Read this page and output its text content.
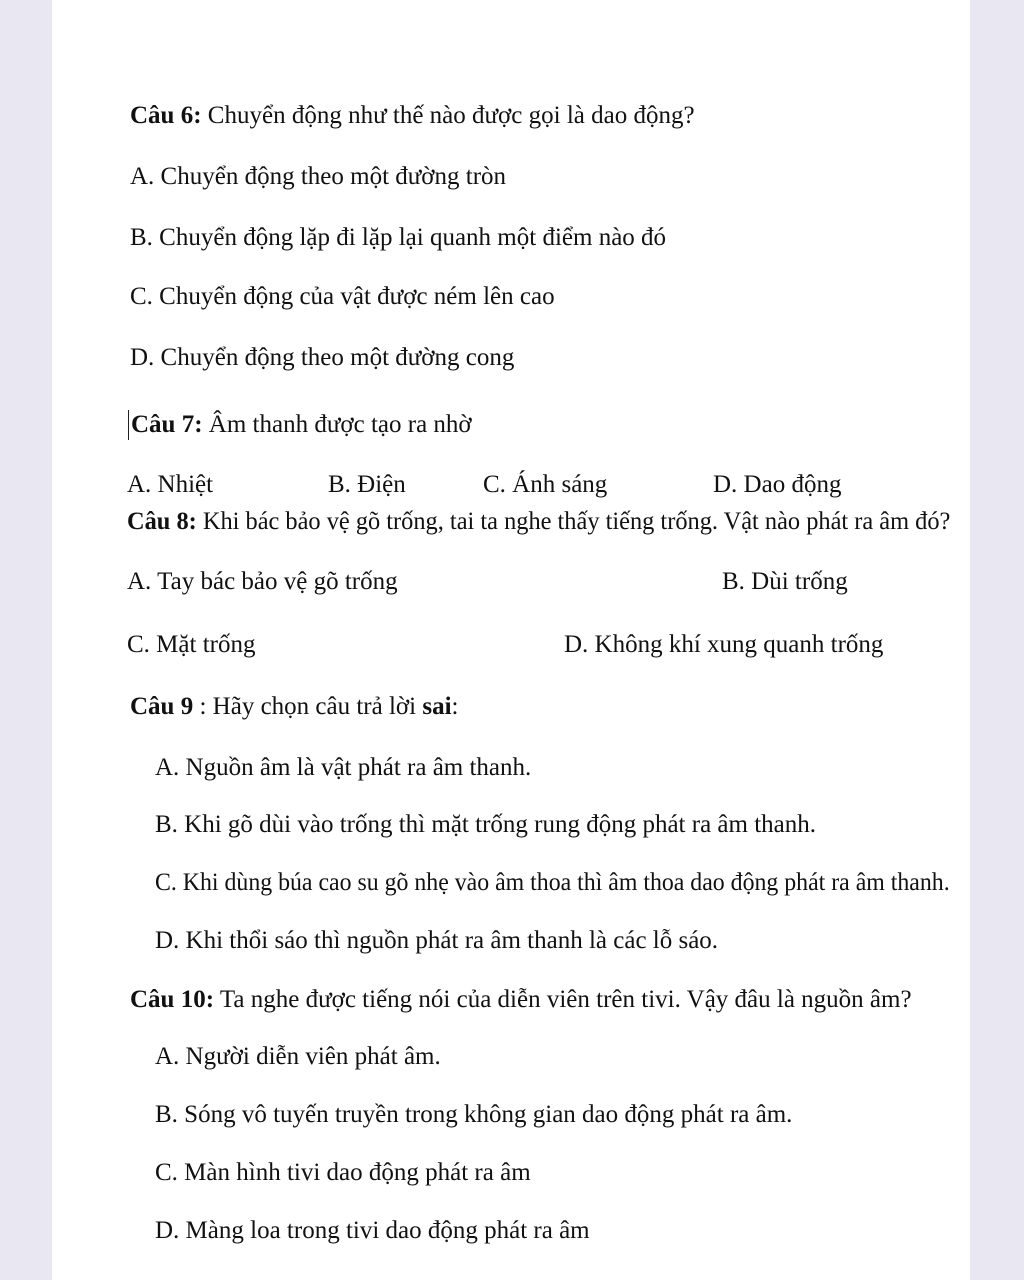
Câu 6: Chuyển động như thế nào được gọi là dao động?
A. Chuyển động theo một đường tròn
B. Chuyển động lặp đi lặp lại quanh một điểm nào đó
C. Chuyển động của vật được ném lên cao
D. Chuyển động theo một đường cong
Câu 7: Âm thanh được tạo ra nhờ
A. Nhiệt	B. Điện	C. Ánh sáng	D. Dao động
Câu 8: Khi bác bảo vệ gõ trống, tai ta nghe thấy tiếng trống. Vật nào phát ra âm đó?
A. Tay bác bảo vệ gõ trống	B. Dùi trống
C. Mặt trống	D. Không khí xung quanh trống
Câu 9 : Hãy chọn câu trả lời sai:
A. Nguồn âm là vật phát ra âm thanh.
B. Khi gõ dùi vào trống thì mặt trống rung động phát ra âm thanh.
C. Khi dùng búa cao su gõ nhẹ vào âm thoa thì âm thoa dao động phát ra âm thanh.
D. Khi thổi sáo thì nguồn phát ra âm thanh là các lỗ sáo.
Câu 10: Ta nghe được tiếng nói của diễn viên trên tivi. Vậy đâu là nguồn âm?
A. Người diễn viên phát âm.
B. Sóng vô tuyến truyền trong không gian dao động phát ra âm.
C. Màn hình tivi dao động phát ra âm
D. Màng loa trong tivi dao động phát ra âm
